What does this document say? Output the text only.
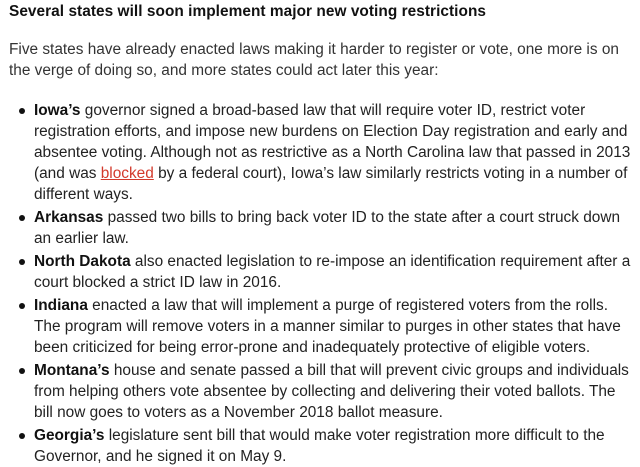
Several states will soon implement major new voting restrictions

Five states have already enacted laws making it harder to register or vote, one more is on the verge of doing so, and more states could act later this year:

Iowa’s governor signed a broad-based law that will require voter ID, restrict voter registration efforts, and impose new burdens on Election Day registration and early and absentee voting. Although not as restrictive as a North Carolina law that passed in 2013 (and was blocked by a federal court), Iowa’s law similarly restricts voting in a number of different ways.
Arkansas passed two bills to bring back voter ID to the state after a court struck down an earlier law.
North Dakota also enacted legislation to re-impose an identification requirement after a court blocked a strict ID law in 2016.
Indiana enacted a law that will implement a purge of registered voters from the rolls. The program will remove voters in a manner similar to purges in other states that have been criticized for being error-prone and inadequately protective of eligible voters.
Montana’s house and senate passed a bill that will prevent civic groups and individuals from helping others vote absentee by collecting and delivering their voted ballots. The bill now goes to voters as a November 2018 ballot measure.
Georgia’s legislature sent bill that would make voter registration more difficult to the Governor, and he signed it on May 9.
